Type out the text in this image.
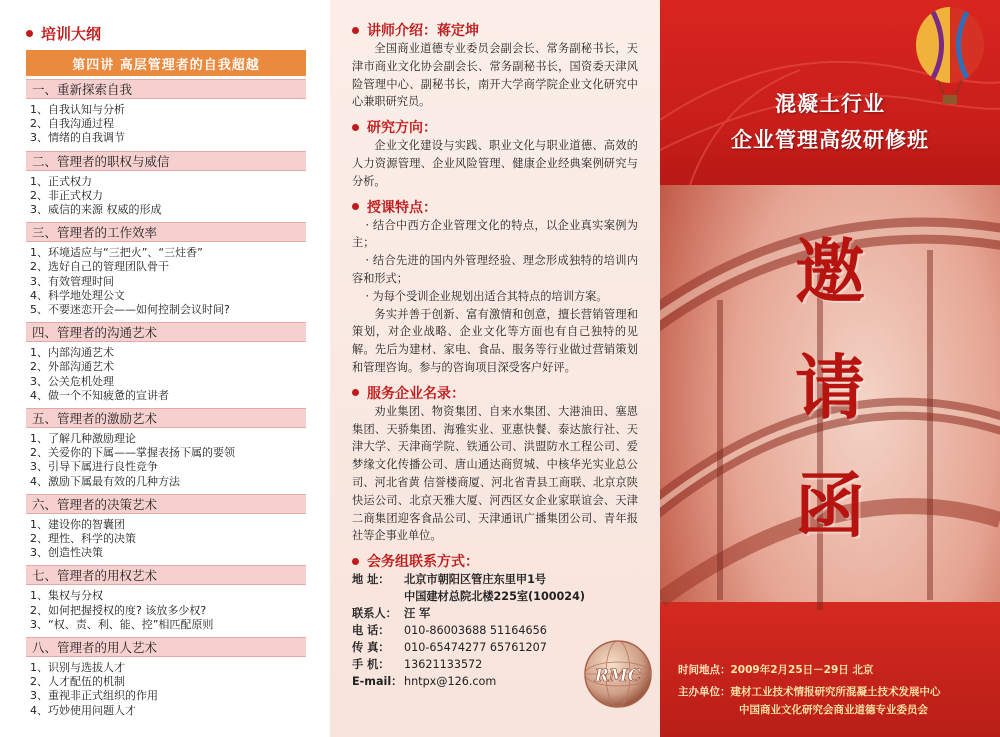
培训大纲
第四讲 高层管理者的自我超越
一、重新探索自我
1、自我认知与分析
2、自我沟通过程
3、情绪的自我调节
二、管理者的职权与威信
1、正式权力
2、非正式权力
3、威信的来源 权威的形成
三、管理者的工作效率
1、环境适应与“三把火”、“三炷香”
2、选好自己的管理团队骨干
3、有效管理时间
4、科学地处理公文
5、不要迷恋开会——如何控制会议时间?
四、管理者的沟通艺术
1、内部沟通艺术
2、外部沟通艺术
3、公关危机处理
4、做一个不知疲惫的宣讲者
五、管理者的激励艺术
1、了解几种激励理论
2、关爱你的下属——掌握表扬下属的要领
3、引导下属进行良性竞争
4、激励下属最有效的几种方法
六、管理者的决策艺术
1、建设你的智囊团
2、理性、科学的决策
3、创造性决策
七、管理者的用权艺术
1、集权与分权
2、如何把握授权的度? 该放多少权?
3、“权、责、利、能、控”相匹配原则
八、管理者的用人艺术
1、识别与选拔人才
2、人才配伍的机制
3、重视非正式组织的作用
4、巧妙使用问题人才
讲师介绍：蒋定坤

全国商业道德专业委员会副会长、常务副秘书长，天津市商业文化协会副会长、常务副秘书长，国资委天津风险管理中心、副秘书长，南开大学商学院企业文化研究中心兼职研究员。

研究方向：

企业文化建设与实践、职业文化与职业道德、高效的人力资源管理、企业风险管理、健康企业经典案例研究与分析。

授课特点：

· 结合中西方企业管理文化的特点，以企业真实案例为主；

· 结合先进的国内外管理经验、理念形成独特的培训内容和形式；

· 为每个受训企业规划出适合其特点的培训方案。

务实并善于创新、富有激情和创意，擅长营销管理和策划，对企业战略、企业文化等方面也有自己独特的见解。先后为建材、家电、食品、服务等行业做过营销策划和管理咨询。参与的咨询项目深受客户好评。

服务企业名录：

劝业集团、物资集团、自来水集团、大港油田、塞恩集团、天骄集团、海雅实业、亚惠快餐、泰达旅行社、天津大学、天津商学院、铁通公司、洪盟防水工程公司、爱梦缘文化传播公司、唐山通达商贸城、中核华光实业总公司、河北省黄 信誉楼商厦、河北省青县工商联、北京京陕快运公司、北京天雅大厦、河西区女企业家联谊会、天津二商集团迎客食品公司、天津通讯广播集团公司、青年报社等企事业单位。

会务组联系方式：
地 址：	北京市朝阳区管庄东里甲1号
中国建材总院北楼225室(100024)
联系人： 汪 军
电 话：	010-86003688 51164656
传 真：	010-65474277 65761207
手 机：	13621133572
E-mail： hntpx@126.com	RMC
混凝土行业
企业管理高级研修班
邀
请
函
时间地点：2009年2月25日－29日 北京
主办单位：建材工业技术情报研究所混凝土技术发展中心
中国商业文化研究会商业道德专业委员会
